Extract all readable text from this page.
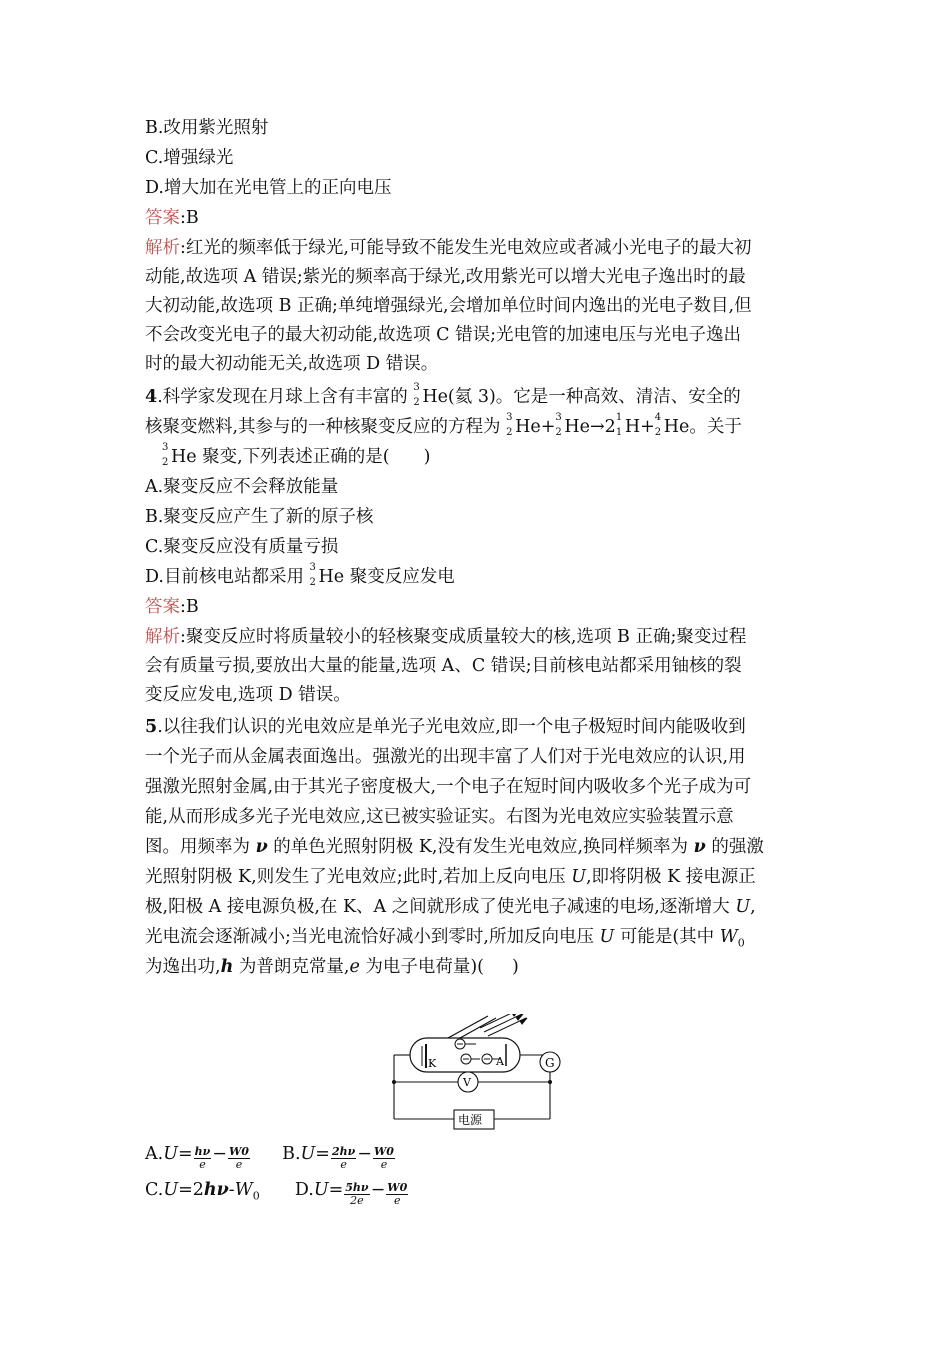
B.改用紫光照射
C.增强绿光
D.增大加在光电管上的正向电压
答案:B
解析:红光的频率低于绿光,可能导致不能发生光电效应或者减小光电子的最大初
动能,故选项 A 错误;紫光的频率高于绿光,改用紫光可以增大光电子逸出时的最
大初动能,故选项 B 正确;单纯增强绿光,会增加单位时间内逸出的光电子数目,但
不会改变光电子的最大初动能,故选项 C 错误;光电管的加速电压与光电子逸出
时的最大初动能无关,故选项 D 错误。
4.科学家发现在月球上含有丰富的 3
2 He(氦 3)。它是一种高效、清洁、安全的
核聚变燃料,其参与的一种核聚变反应的方程为 3
2 He+ 3
2 He→2 1
1 H+ 4
2 He。关于
3
2 He 聚变,下列表述正确的是( )
A.聚变反应不会释放能量
B.聚变反应产生了新的原子核
C.聚变反应没有质量亏损
D.目前核电站都采用 3
2 He 聚变反应发电
答案:B
解析:聚变反应时将质量较小的轻核聚变成质量较大的核,选项 B 正确;聚变过程
会有质量亏损,要放出大量的能量,选项 A、C 错误;目前核电站都采用铀核的裂
变反应发电,选项 D 错误。
5.以往我们认识的光电效应是单光子光电效应,即一个电子极短时间内能吸收到
一个光子而从金属表面逸出。强激光的出现丰富了人们对于光电效应的认识,用
强激光照射金属,由于其光子密度极大,一个电子在短时间内吸收多个光子成为可
能,从而形成多光子光电效应,这已被实验证实。右图为光电效应实验装置示意
图。用频率为 ν 的单色光照射阴极 K,没有发生光电效应,换同样频率为 ν 的强激
光照射阴极 K,则发生了光电效应;此时,若加上反向电压 U,即将阴极 K 接电源正
极,阳极 A 接电源负极,在 K、A 之间就形成了使光电子减速的电场,逐渐增大 U,
光电流会逐渐减小;当光电流恰好减小到零时,所加反向电压 U 可能是(其中 $W_0$
为逸出功,h 为普朗克常量,e 为电子电荷量)( )
K	A	G
V
电源
$A.U= \frac{h\nu}{e} - \frac{W0}{e} B.U= \frac{2h\nu}{e} - \frac{W0}{e}$
$C.U=2h\nu-W_0$ $D.U= \frac{5h\nu}{2e} - \frac{W0}{e}$
